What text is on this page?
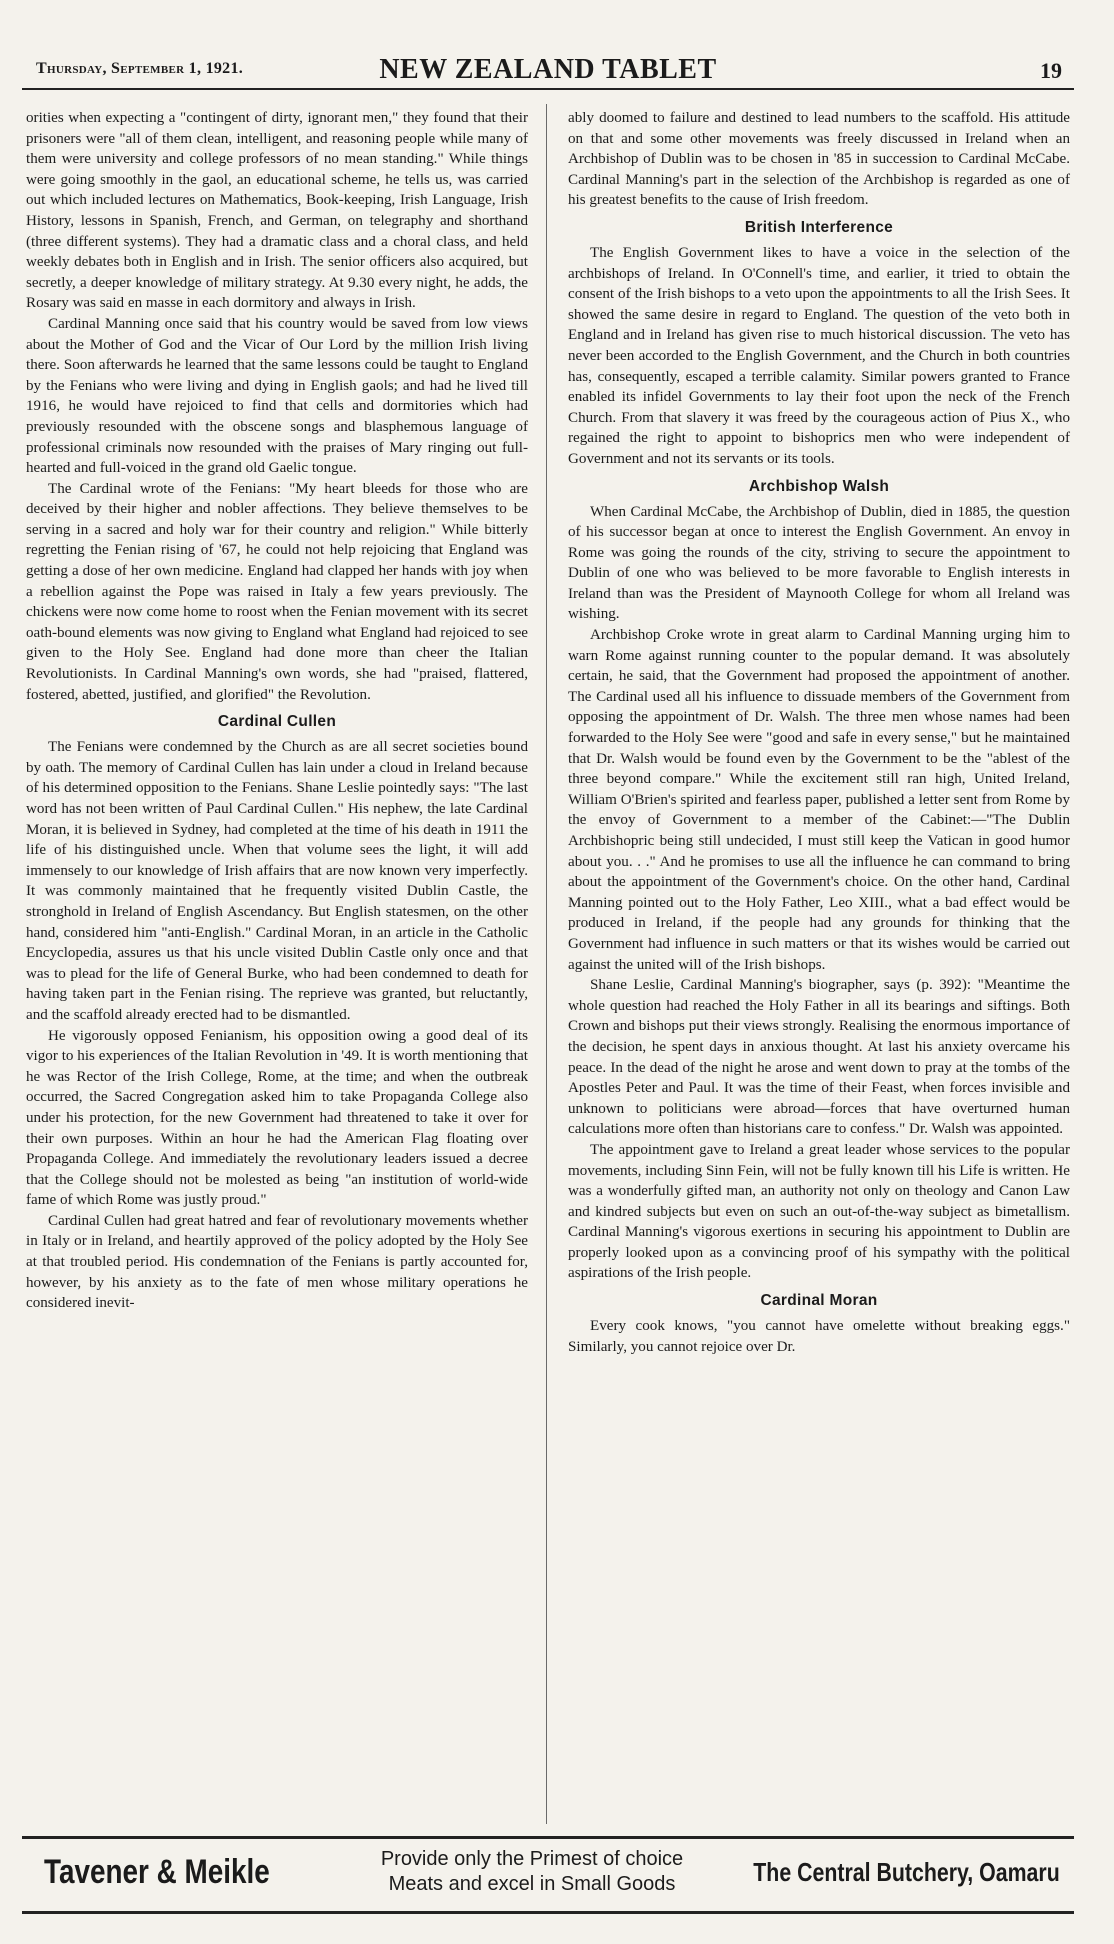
Thursday, September 1, 1921.	NEW ZEALAND TABLET	19

orities when expecting a "contingent of dirty, ignorant men," they found that their prisoners were "all of them clean, intelligent, and reasoning people while many of them were university and college professors of no mean standing." While things were going smoothly in the gaol, an educational scheme, he tells us, was carried out which included lectures on Mathematics, Book-keeping, Irish Language, Irish History, lessons in Spanish, French, and German, on telegraphy and shorthand (three different systems). They had a dramatic class and a choral class, and held weekly debates both in English and in Irish. The senior officers also acquired, but secretly, a deeper knowledge of military strategy. At 9.30 every night, he adds, the Rosary was said en masse in each dormitory and always in Irish.

Cardinal Manning once said that his country would be saved from low views about the Mother of God and the Vicar of Our Lord by the million Irish living there. Soon afterwards he learned that the same lessons could be taught to England by the Fenians who were living and dying in English gaols; and had he lived till 1916, he would have rejoiced to find that cells and dormitories which had previously resounded with the obscene songs and blasphemous language of professional criminals now resounded with the praises of Mary ringing out full-hearted and full-voiced in the grand old Gaelic tongue.

The Cardinal wrote of the Fenians: "My heart bleeds for those who are deceived by their higher and nobler affections. They believe themselves to be serving in a sacred and holy war for their country and religion." While bitterly regretting the Fenian rising of '67, he could not help rejoicing that England was getting a dose of her own medicine. England had clapped her hands with joy when a rebellion against the Pope was raised in Italy a few years previously. The chickens were now come home to roost when the Fenian movement with its secret oath-bound elements was now giving to England what England had rejoiced to see given to the Holy See. England had done more than cheer the Italian Revolutionists. In Cardinal Manning's own words, she had "praised, flattered, fostered, abetted, justified, and glorified" the Revolution.

Cardinal Cullen

The Fenians were condemned by the Church as are all secret societies bound by oath. The memory of Cardinal Cullen has lain under a cloud in Ireland because of his determined opposition to the Fenians. Shane Leslie pointedly says: "The last word has not been written of Paul Cardinal Cullen." His nephew, the late Cardinal Moran, it is believed in Sydney, had completed at the time of his death in 1911 the life of his distinguished uncle. When that volume sees the light, it will add immensely to our knowledge of Irish affairs that are now known very imperfectly. It was commonly maintained that he frequently visited Dublin Castle, the stronghold in Ireland of English Ascendancy. But English statesmen, on the other hand, considered him "anti-English." Cardinal Moran, in an article in the Catholic Encyclopedia, assures us that his uncle visited Dublin Castle only once and that was to plead for the life of General Burke, who had been condemned to death for having taken part in the Fenian rising. The reprieve was granted, but reluctantly, and the scaffold already erected had to be dismantled.

He vigorously opposed Fenianism, his opposition owing a good deal of its vigor to his experiences of the Italian Revolution in '49. It is worth mentioning that he was Rector of the Irish College, Rome, at the time; and when the outbreak occurred, the Sacred Congregation asked him to take Propaganda College also under his protection, for the new Government had threatened to take it over for their own purposes. Within an hour he had the American Flag floating over Propaganda College. And immediately the revolutionary leaders issued a decree that the College should not be molested as being "an institution of world-wide fame of which Rome was justly proud."

Cardinal Cullen had great hatred and fear of revolutionary movements whether in Italy or in Ireland, and heartily approved of the policy adopted by the Holy See at that troubled period. His condemnation of the Fenians is partly accounted for, however, by his anxiety as to the fate of men whose military operations he considered inevit-

ably doomed to failure and destined to lead numbers to the scaffold. His attitude on that and some other movements was freely discussed in Ireland when an Archbishop of Dublin was to be chosen in '85 in succession to Cardinal McCabe. Cardinal Manning's part in the selection of the Archbishop is regarded as one of his greatest benefits to the cause of Irish freedom.

British Interference

The English Government likes to have a voice in the selection of the archbishops of Ireland. In O'Connell's time, and earlier, it tried to obtain the consent of the Irish bishops to a veto upon the appointments to all the Irish Sees. It showed the same desire in regard to England. The question of the veto both in England and in Ireland has given rise to much historical discussion. The veto has never been accorded to the English Government, and the Church in both countries has, consequently, escaped a terrible calamity. Similar powers granted to France enabled its infidel Governments to lay their foot upon the neck of the French Church. From that slavery it was freed by the courageous action of Pius X., who regained the right to appoint to bishoprics men who were independent of Government and not its servants or its tools.

Archbishop Walsh

When Cardinal McCabe, the Archbishop of Dublin, died in 1885, the question of his successor began at once to interest the English Government. An envoy in Rome was going the rounds of the city, striving to secure the appointment to Dublin of one who was believed to be more favorable to English interests in Ireland than was the President of Maynooth College for whom all Ireland was wishing.

Archbishop Croke wrote in great alarm to Cardinal Manning urging him to warn Rome against running counter to the popular demand. It was absolutely certain, he said, that the Government had proposed the appointment of another. The Cardinal used all his influence to dissuade members of the Government from opposing the appointment of Dr. Walsh. The three men whose names had been forwarded to the Holy See were "good and safe in every sense," but he maintained that Dr. Walsh would be found even by the Government to be the "ablest of the three beyond compare." While the excitement still ran high, United Ireland, William O'Brien's spirited and fearless paper, published a letter sent from Rome by the envoy of Government to a member of the Cabinet:—"The Dublin Archbishopric being still undecided, I must still keep the Vatican in good humor about you. . ." And he promises to use all the influence he can command to bring about the appointment of the Government's choice. On the other hand, Cardinal Manning pointed out to the Holy Father, Leo XIII., what a bad effect would be produced in Ireland, if the people had any grounds for thinking that the Government had influence in such matters or that its wishes would be carried out against the united will of the Irish bishops.

Shane Leslie, Cardinal Manning's biographer, says (p. 392): "Meantime the whole question had reached the Holy Father in all its bearings and siftings. Both Crown and bishops put their views strongly. Realising the enormous importance of the decision, he spent days in anxious thought. At last his anxiety overcame his peace. In the dead of the night he arose and went down to pray at the tombs of the Apostles Peter and Paul. It was the time of their Feast, when forces invisible and unknown to politicians were abroad—forces that have overturned human calculations more often than historians care to confess." Dr. Walsh was appointed.

The appointment gave to Ireland a great leader whose services to the popular movements, including Sinn Fein, will not be fully known till his Life is written. He was a wonderfully gifted man, an authority not only on theology and Canon Law and kindred subjects but even on such an out-of-the-way subject as bimetallism. Cardinal Manning's vigorous exertions in securing his appointment to Dublin are properly looked upon as a convincing proof of his sympathy with the political aspirations of the Irish people.

Cardinal Moran

Every cook knows, "you cannot have omelette without breaking eggs." Similarly, you cannot rejoice over Dr.

Tavener & Meikle	Provide only the Primest of choice
Meats and excel in Small Goods	The Central Butchery, Oamaru
